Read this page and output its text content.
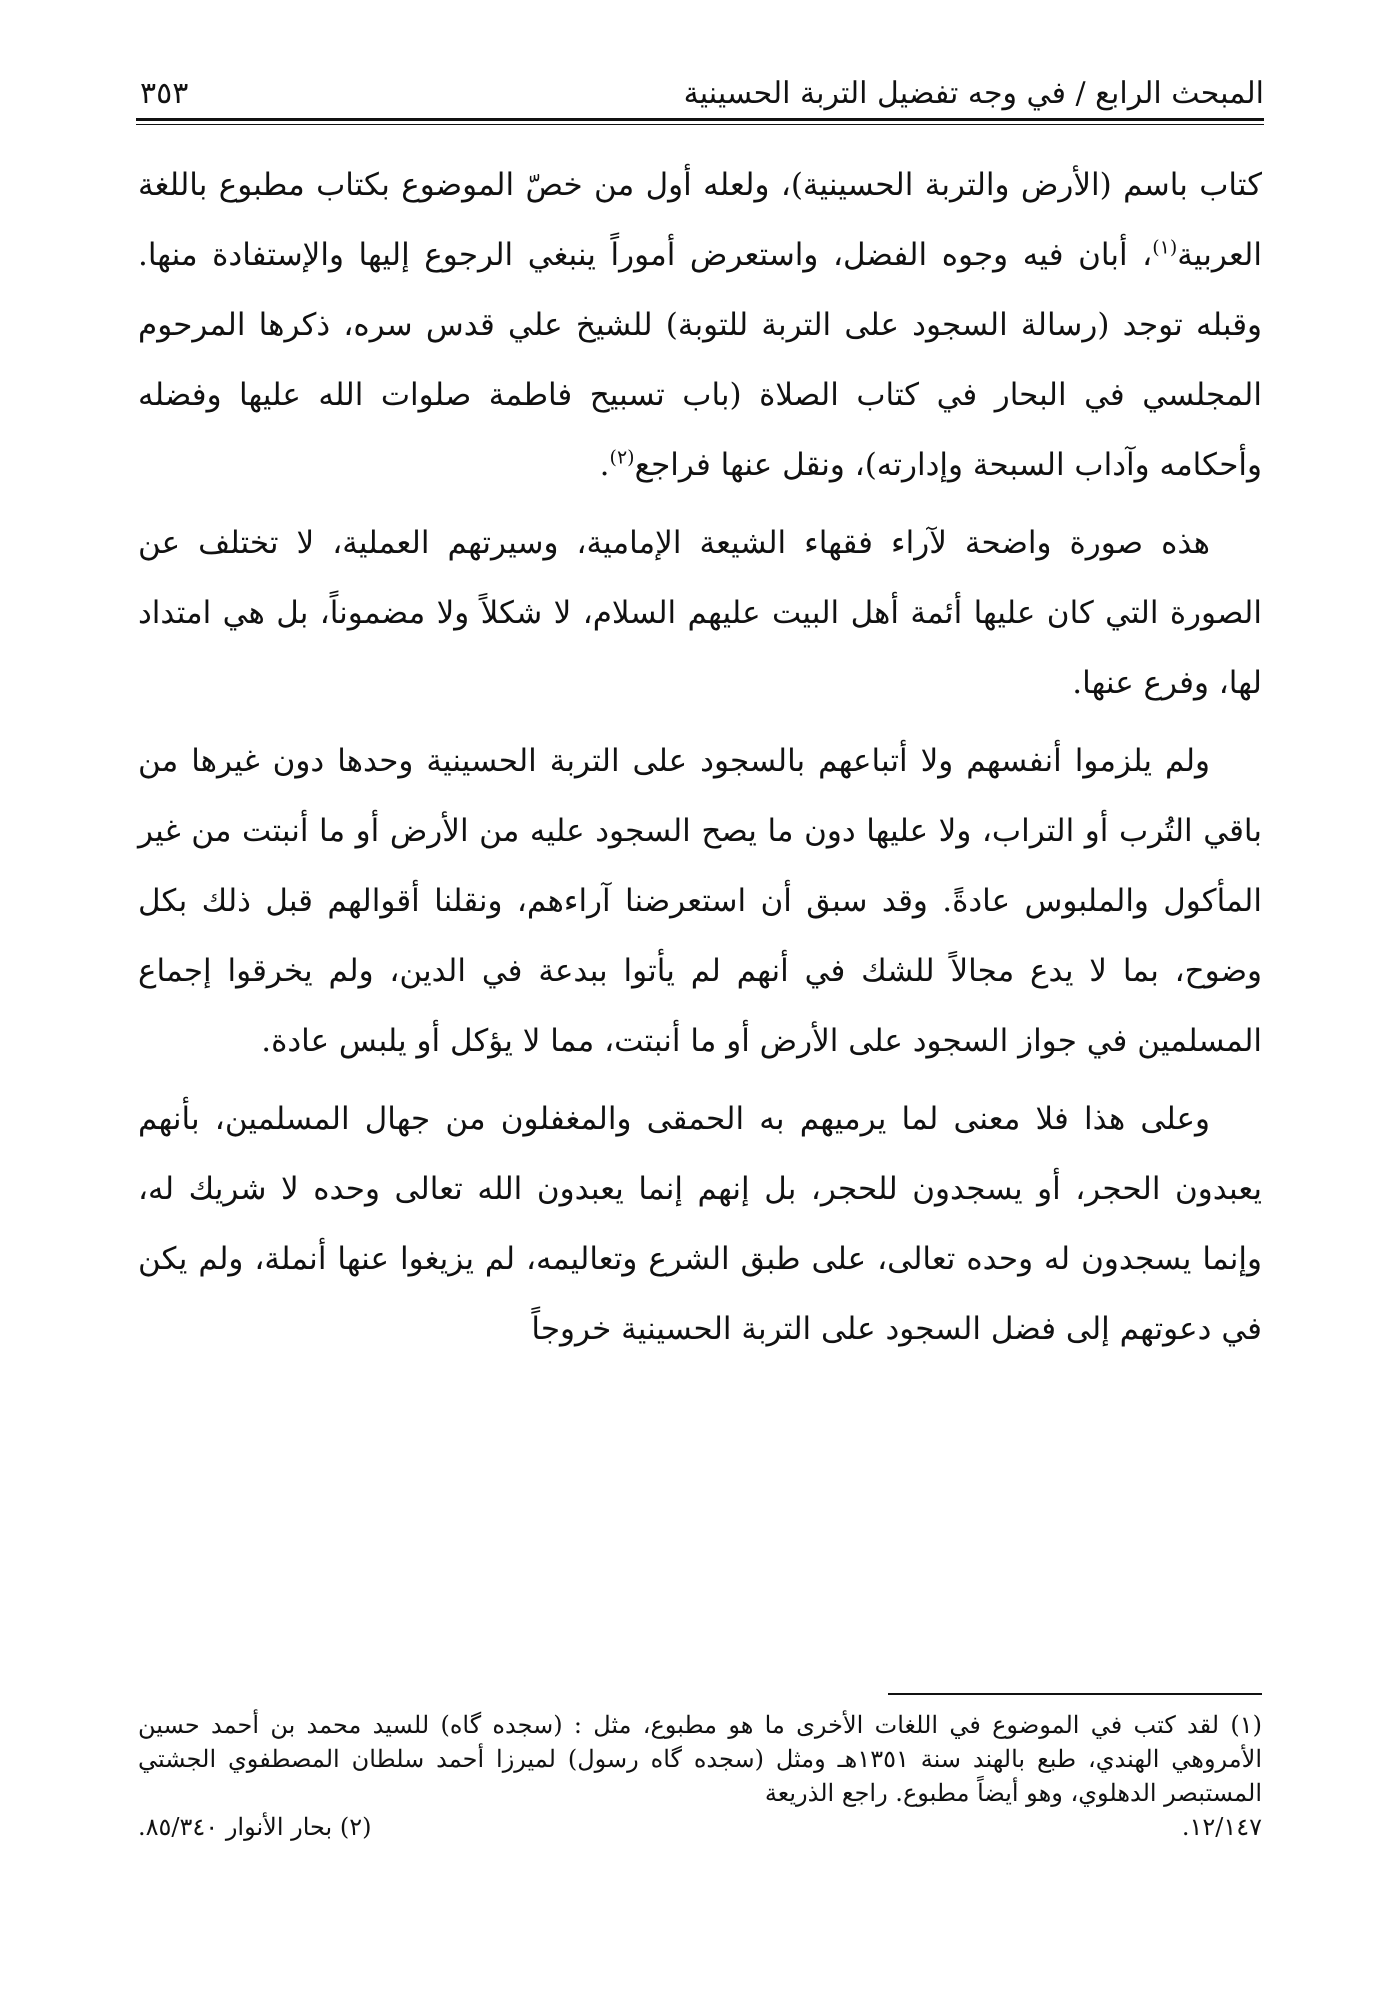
المبحث الرابع / في وجه تفضيل التربة الحسينية
٣٥٣

كتاب باسم (الأرض والتربة الحسينية)، ولعله أول من خصّ الموضوع بكتاب مطبوع باللغة العربية$^{(١)}$، أبان فيه وجوه الفضل، واستعرض أموراً ينبغي الرجوع إليها والإستفادة منها. وقبله توجد (رسالة السجود على التربة للتوبة) للشيخ علي قدس سره، ذكرها المرحوم المجلسي في البحار في كتاب الصلاة (باب تسبيح فاطمة صلوات الله عليها وفضله وأحكامه وآداب السبحة وإدارته)، ونقل عنها فراجع$^{(٢)}$.

هذه صورة واضحة لآراء فقهاء الشيعة الإمامية، وسيرتهم العملية، لا تختلف عن الصورة التي كان عليها أئمة أهل البيت عليهم السلام، لا شكلاً ولا مضموناً، بل هي امتداد لها، وفرع عنها.

ولم يلزموا أنفسهم ولا أتباعهم بالسجود على التربة الحسينية وحدها دون غيرها من باقي التُرب أو التراب، ولا عليها دون ما يصح السجود عليه من الأرض أو ما أنبتت من غير المأكول والملبوس عادةً. وقد سبق أن استعرضنا آراءهم، ونقلنا أقوالهم قبل ذلك بكل وضوح، بما لا يدع مجالاً للشك في أنهم لم يأتوا ببدعة في الدين، ولم يخرقوا إجماع المسلمين في جواز السجود على الأرض أو ما أنبتت، مما لا يؤكل أو يلبس عادة.

وعلى هذا فلا معنى لما يرميهم به الحمقى والمغفلون من جهال المسلمين، بأنهم يعبدون الحجر، أو يسجدون للحجر، بل إنهم إنما يعبدون الله تعالى وحده لا شريك له، وإنما يسجدون له وحده تعالى، على طبق الشرع وتعاليمه، لم يزيغوا عنها أنملة، ولم يكن في دعوتهم إلى فضل السجود على التربة الحسينية خروجاً

(١) لقد كتب في الموضوع في اللغات الأخرى ما هو مطبوع، مثل : (سجده گاه) للسيد محمد بن أحمد حسين الأمروهي الهندي، طبع بالهند سنة ١٣٥١هـ ومثل (سجده گاه رسول) لميرزا أحمد سلطان المصطفوي الجشتي المستبصر الدهلوي، وهو أيضاً مطبوع. راجع الذريعة

١٢/١٤٧.
(٢) بحار الأنوار ٨٥/٣٤٠.
